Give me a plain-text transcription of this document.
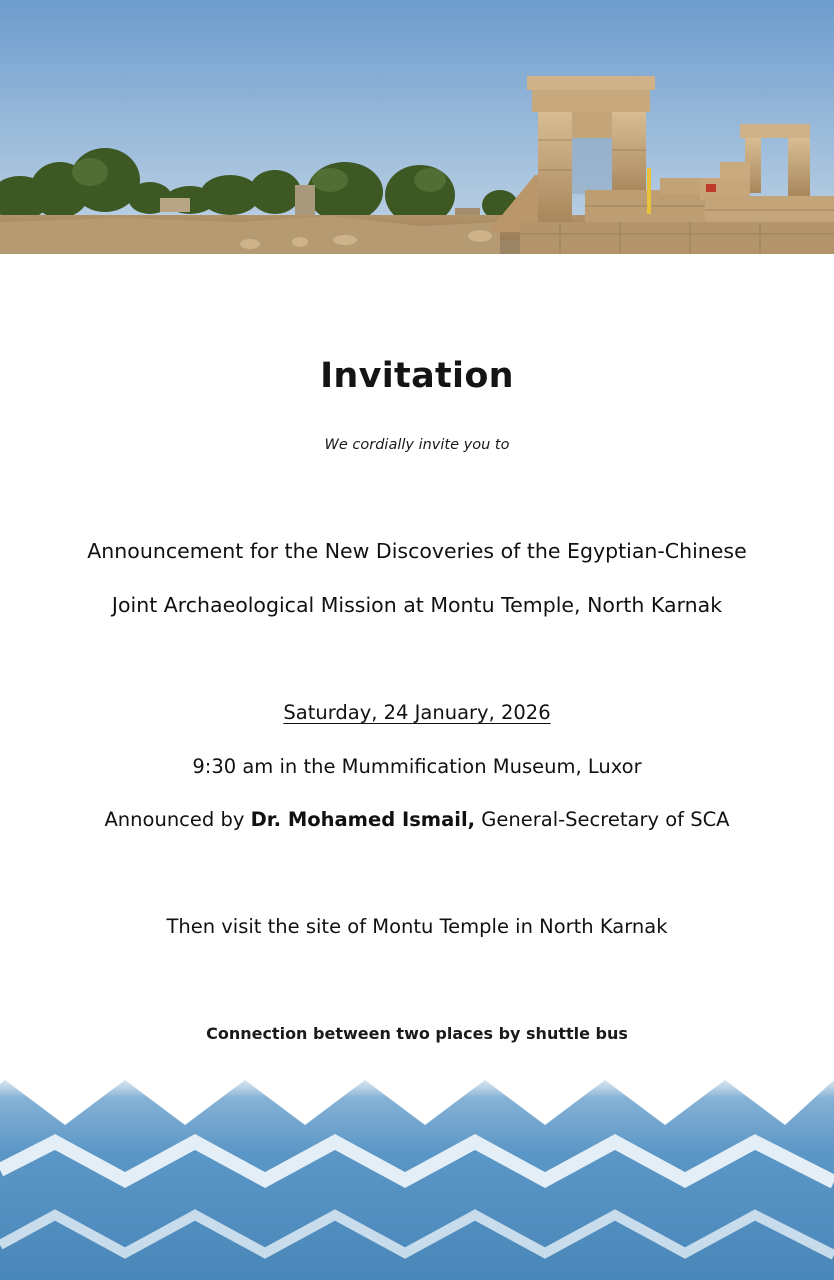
Invitation
We cordially invite you to
Announcement for the New Discoveries of the Egyptian-Chinese
Joint Archaeological Mission at Montu Temple, North Karnak
Saturday, 24 January, 2026
9:30 am in the Mummification Museum, Luxor
Announced by Dr. Mohamed Ismail, General-Secretary of SCA
Then visit the site of Montu Temple in North Karnak
Connection between two places by shuttle bus
